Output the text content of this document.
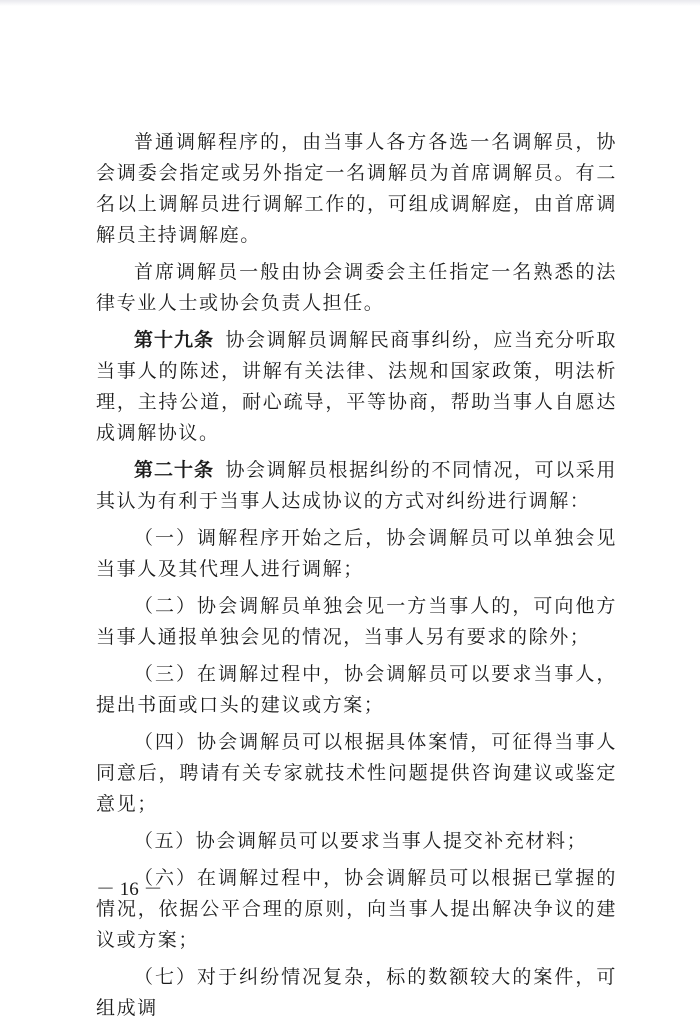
普通调解程序的，由当事人各方各选一名调解员，协会调委会指定或另外指定一名调解员为首席调解员。有二名以上调解员进行调解工作的，可组成调解庭，由首席调解员主持调解庭。

首席调解员一般由协会调委会主任指定一名熟悉的法律专业人士或协会负责人担任。

第十九条 协会调解员调解民商事纠纷，应当充分听取当事人的陈述，讲解有关法律、法规和国家政策，明法析理，主持公道，耐心疏导，平等协商，帮助当事人自愿达成调解协议。

第二十条 协会调解员根据纠纷的不同情况，可以采用其认为有利于当事人达成协议的方式对纠纷进行调解：

（一）调解程序开始之后，协会调解员可以单独会见当事人及其代理人进行调解；

（二）协会调解员单独会见一方当事人的，可向他方当事人通报单独会见的情况，当事人另有要求的除外；

（三）在调解过程中，协会调解员可以要求当事人，提出书面或口头的建议或方案；

（四）协会调解员可以根据具体案情，可征得当事人同意后，聘请有关专家就技术性问题提供咨询建议或鉴定意见；

（五）协会调解员可以要求当事人提交补充材料；

（六）在调解过程中，协会调解员可以根据已掌握的情况，依据公平合理的原则，向当事人提出解决争议的建议或方案；

（七）对于纠纷情况复杂，标的数额较大的案件，可组成调

－ 16 －
